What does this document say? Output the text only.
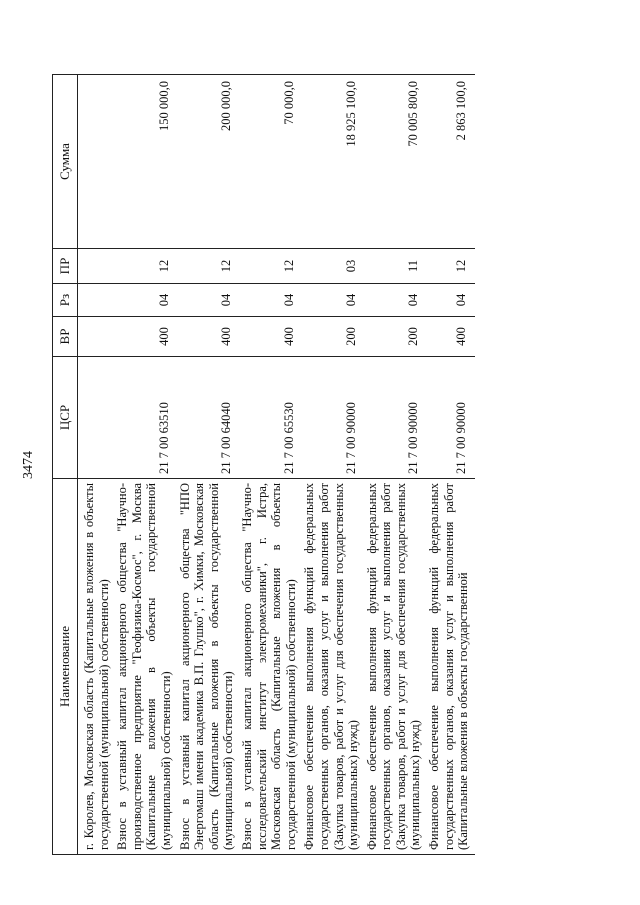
3474
Наименование	ЦСР	ВР	Рз	ПР	Сумма
г. Королев, Московская область (Капитальные вложения в объекты государственной (муниципальной) собственности)					
Взнос в уставный капитал акционерного общества "Научно-производственное предприятие "Геофизика-Космос", г. Москва (Капитальные вложения в объекты государственной (муниципальной) собственности)	21 7 00 63510	400	04	12	150 000,0
Взнос в уставный капитал акционерного общества "НПО Энергомаш имени академика В.П. Глушко", г. Химки, Московская область (Капитальные вложения в объекты государственной (муниципальной) собственности)	21 7 00 64040	400	04	12	200 000,0
Взнос в уставный капитал акционерного общества "Научно-исследовательский институт электромеханики", г. Истра, Московская область (Капитальные вложения в объекты государственной (муниципальной) собственности)	21 7 00 65530	400	04	12	70 000,0
Финансовое обеспечение выполнения функций федеральных государственных органов, оказания услуг и выполнения работ (Закупка товаров, работ и услуг для обеспечения государственных (муниципальных) нужд)	21 7 00 90000	200	04	03	18 925 100,0
Финансовое обеспечение выполнения функций федеральных государственных органов, оказания услуг и выполнения работ (Закупка товаров, работ и услуг для обеспечения государственных (муниципальных) нужд)	21 7 00 90000	200	04	11	70 005 800,0
Финансовое обеспечение выполнения функций федеральных государственных органов, оказания услуг и выполнения работ (Капитальные вложения в объекты государственной	21 7 00 90000	400	04	12	2 863 100,0
